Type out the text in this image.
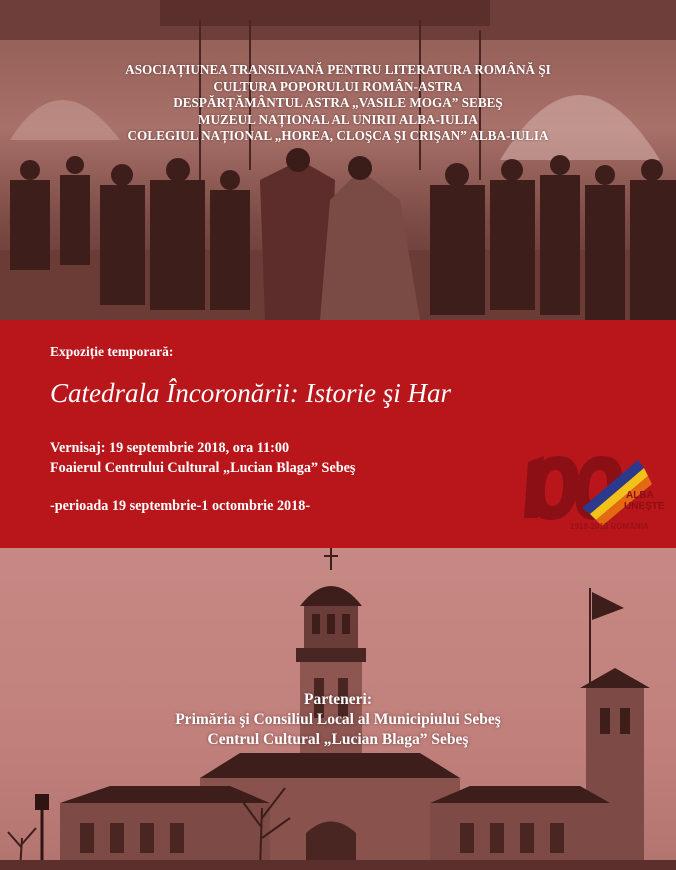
ASOCIAȚIUNEA TRANSILVANĂ PENTRU LITERATURA ROMÂNĂ ŞI
CULTURA POPORULUI ROMÂN-ASTRA
DESPĂRȚĂMÂNTUL ASTRA „VASILE MOGA” SEBEŞ
MUZEUL NAȚIONAL AL UNIRII ALBA-IULIA
COLEGIUL NAȚIONAL „HOREA, CLOŞCA ŞI CRIŞAN” ALBA-IULIA
Expoziție temporară:
Catedrala Încoronării: Istorie şi Har
Vernisaj: 19 septembrie 2018, ora 11:00
Foaierul Centrului Cultural „Lucian Blaga” Sebeş
-perioada 19 septembrie-1 octombrie 2018-
ALBA
UNEŞTE
1918-2018 ROMÂNIA
Parteneri:
Primăria şi Consiliul Local al Municipiului Sebeş
Centrul Cultural „Lucian Blaga” Sebeş
